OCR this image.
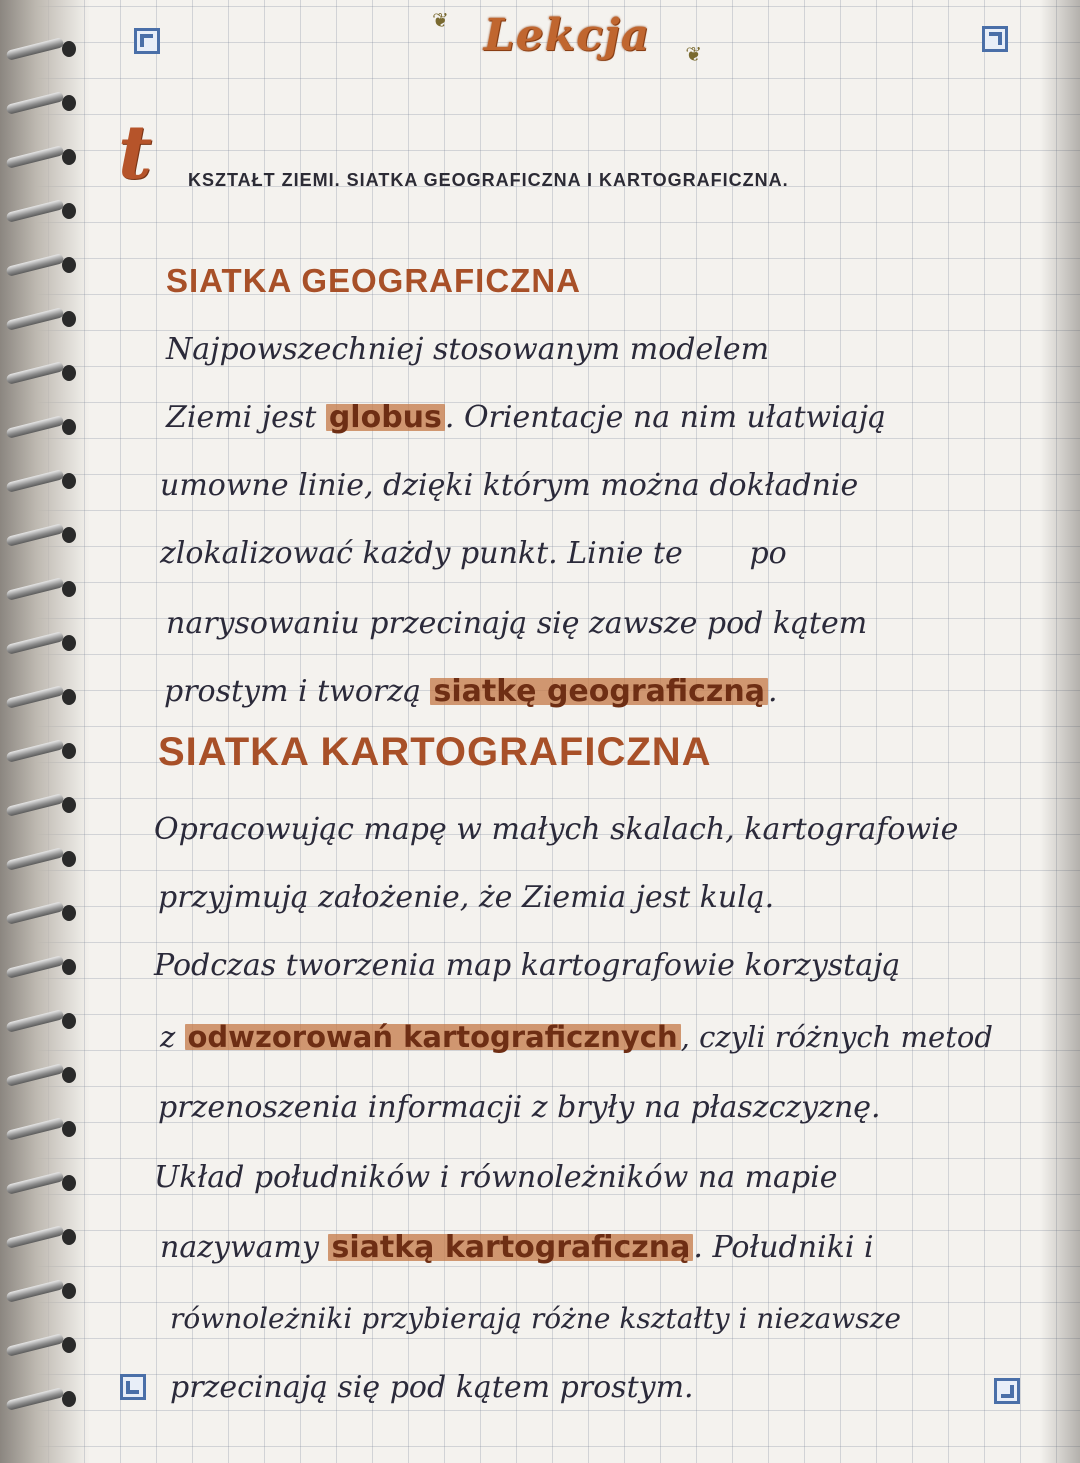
❦ Lekcja ❦
t KSZTAŁT ZIEMI. SIATKA GEOGRAFICZNA I KARTOGRAFICZNA.
SIATKA GEOGRAFICZNA
Najpowszechniej stosowanym modelem
Ziemi jest globus . Orientacje na nim ułatwiają
umowne linie, dzięki którym można dokładnie
zlokalizować każdy punkt. Linie te       po
narysowaniu przecinają się zawsze pod kątem
prostym i tworzą siatkę geograficzną .
SIATKA KARTOGRAFICZNA
Opracowując mapę w małych skalach, kartografowie
przyjmują założenie, że Ziemia jest kulą.
Podczas tworzenia map kartografowie korzystają
z odwzorowań kartograficznych , czyli różnych metod
przenoszenia informacji z bryły na płaszczyznę.
Układ południków i równoleżników na mapie
nazywamy siatką kartograficzną . Południki i
równoleżniki przybierają różne kształty i niezawsze
przecinają się pod kątem prostym.
